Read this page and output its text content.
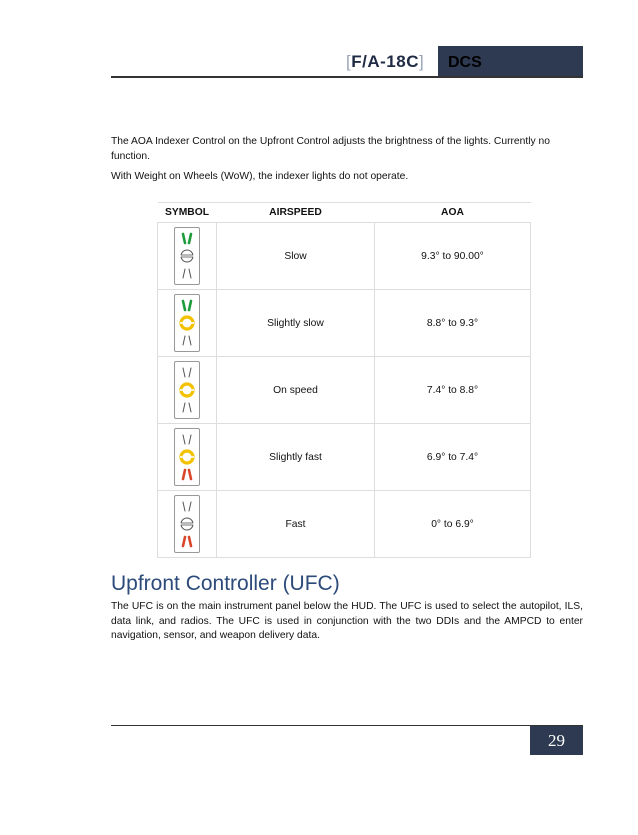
[F/A-18C]	DCS
The AOA Indexer Control on the Upfront Control adjusts the brightness of the lights. Currently no function.
With Weight on Wheels (WoW), the indexer lights do not operate.
SYMBOL	AIRSPEED	AOA

	Slow	9.3° to 90.00°

	Slightly slow	8.8° to 9.3°

	On speed	7.4° to 8.8°

	Slightly fast	6.9° to 7.4°

	Fast	0° to 6.9°
Upfront Controller (UFC)
The UFC is on the main instrument panel below the HUD. The UFC is used to select the autopilot, ILS, data link, and radios. The UFC is used in conjunction with the two DDIs and the AMPCD to enter navigation, sensor, and weapon delivery data.
29
